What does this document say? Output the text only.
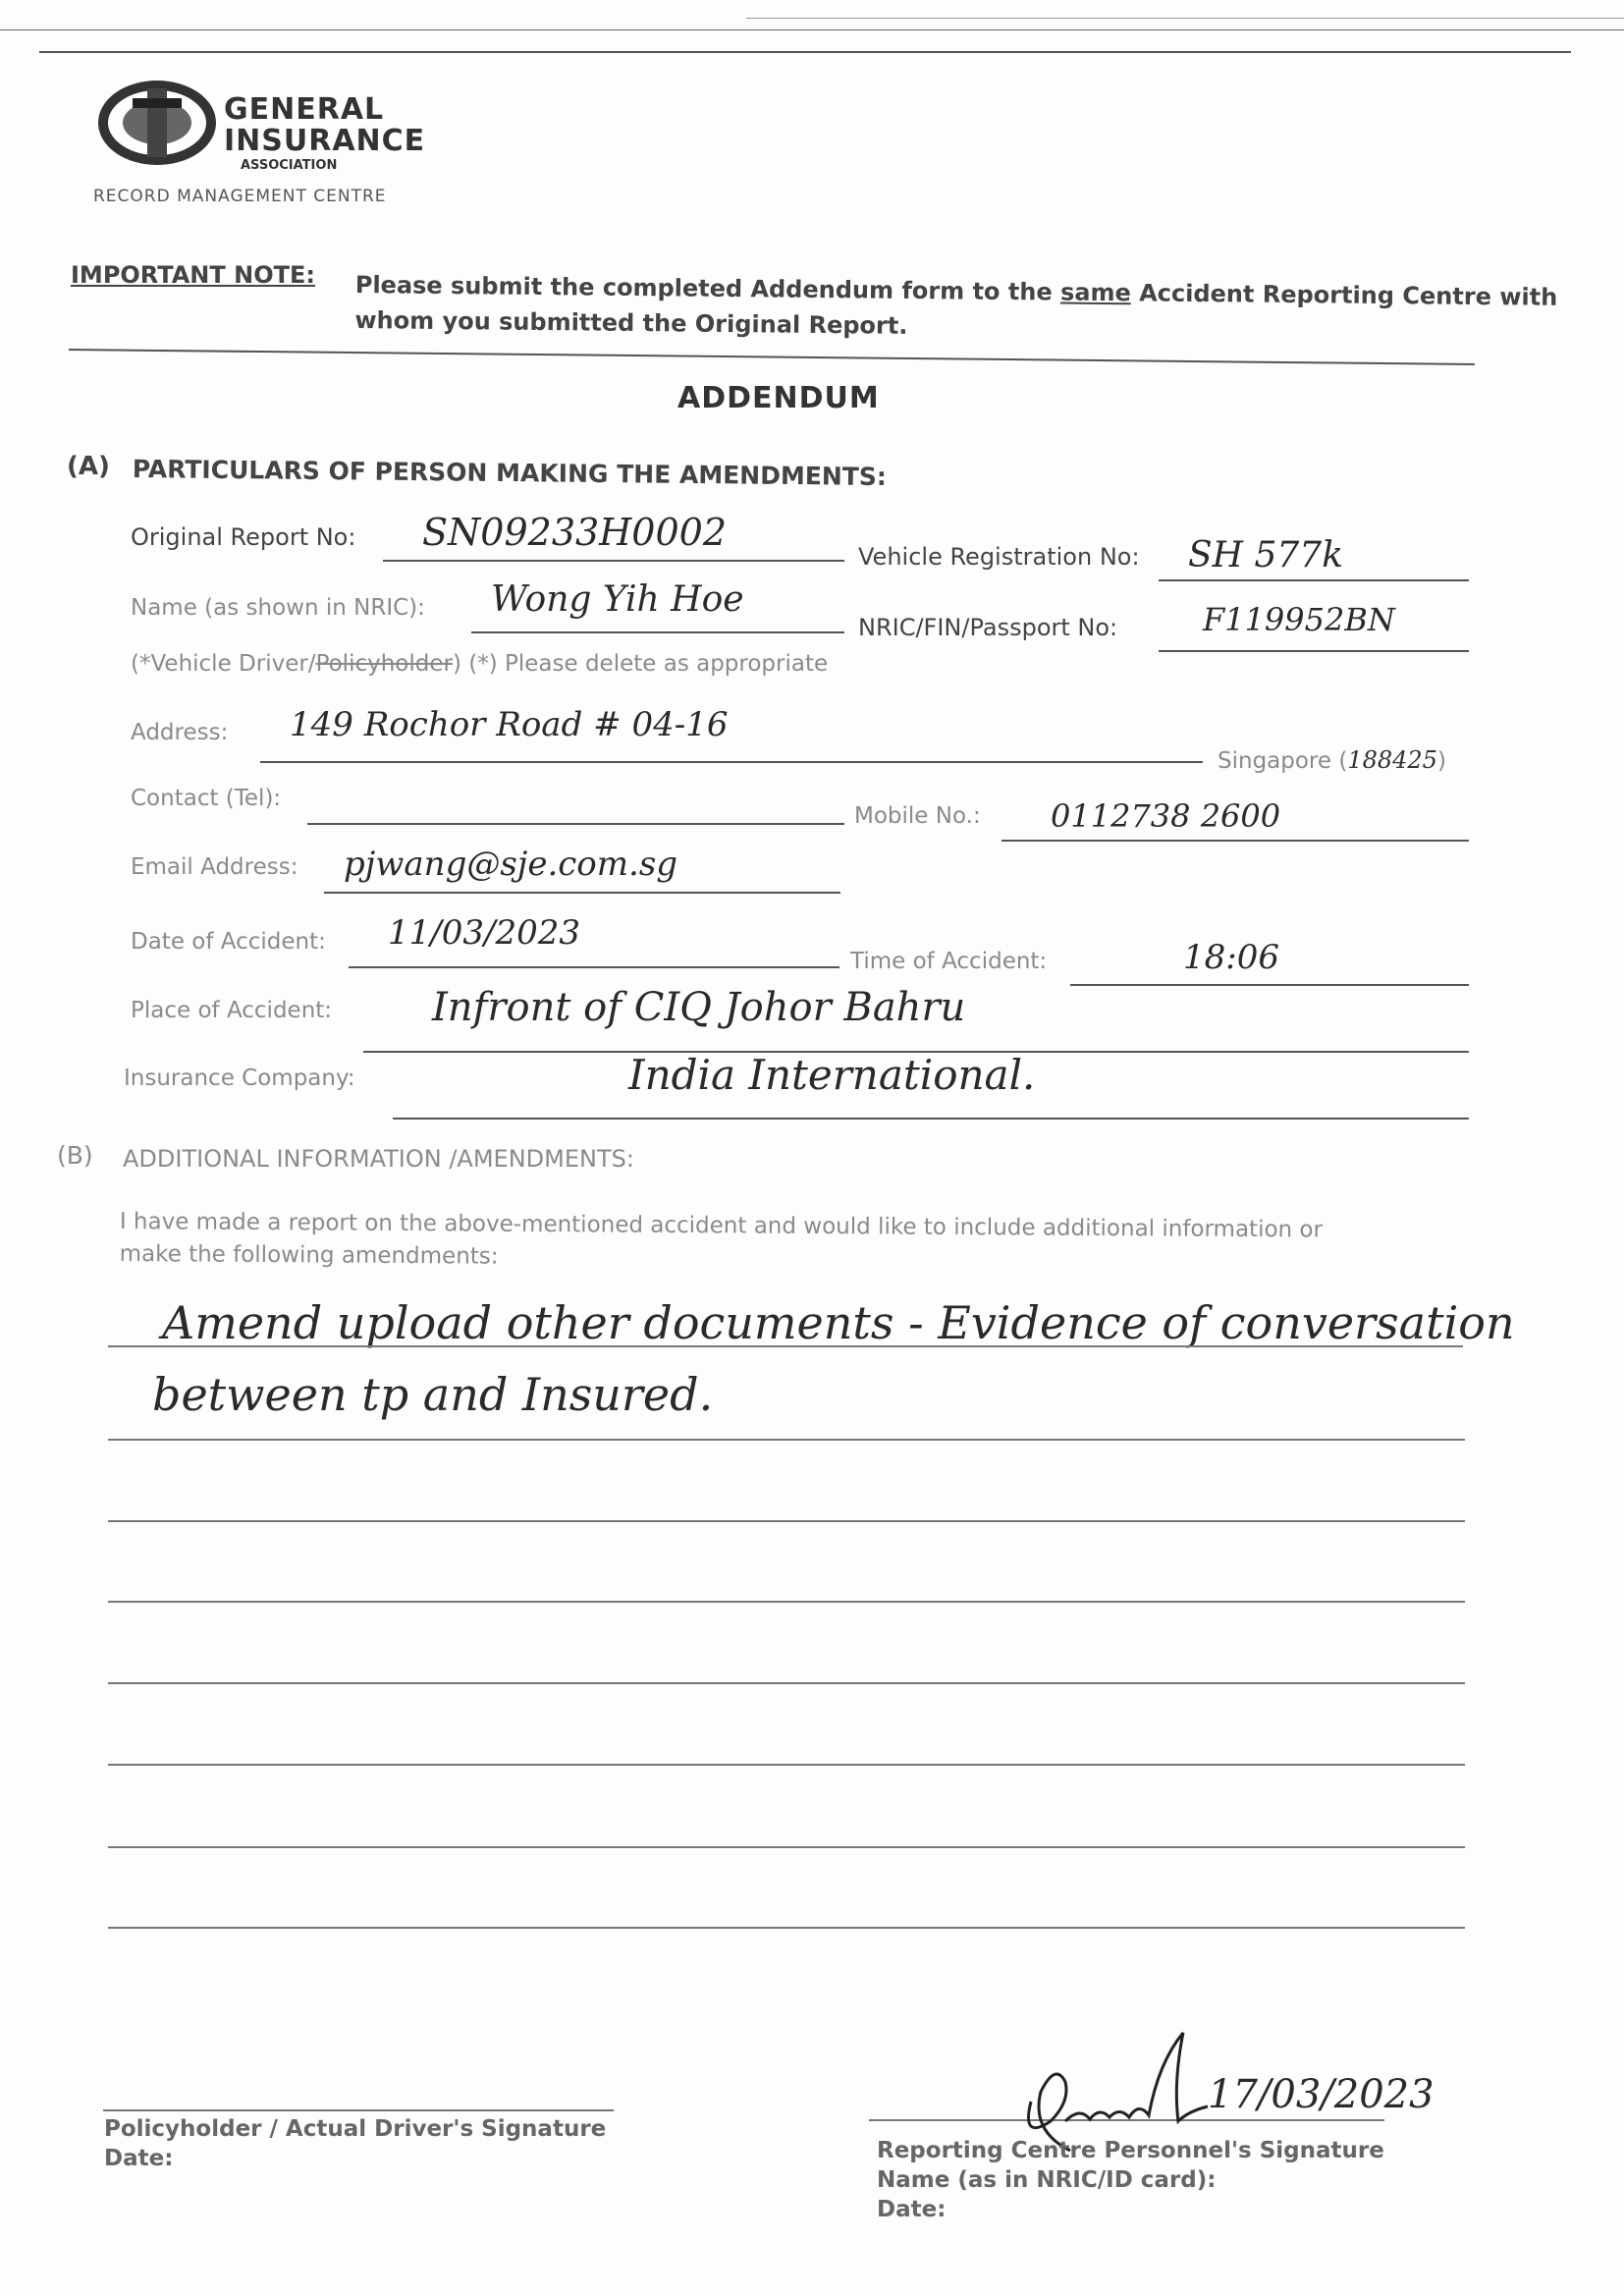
GENERAL
INSURANCE
ASSOCIATION
RECORD MANAGEMENT CENTRE
IMPORTANT NOTE: Please submit the completed Addendum form to the same Accident Reporting Centre with
whom you submitted the Original Report.
ADDENDUM
(A) PARTICULARS OF PERSON MAKING THE AMENDMENTS:
Original Report No: SN09233H0002
Vehicle Registration No: SH 577k
Name (as shown in NRIC): Wong Yih Hoe
NRIC/FIN/Passport No:	F119952BN
(*Vehicle Driver/Policyholder) (*) Please delete as appropriate
Address: 149 Rochor Road # 04-16
Singapore (188425)
Contact (Tel):
Mobile No.: 0112738 2600
Email Address: pjwang@sje.com.sg
Date of Accident: 11/03/2023
Time of Accident:	18:06
Place of Accident:	Infront of CIQ Johor Bahru
Insurance Company:	India International.
(B) ADDITIONAL INFORMATION /AMENDMENTS:
I have made a report on the above-mentioned accident and would like to include additional information or
make the following amendments:
Amend upload other documents - Evidence of conversation
between tp and Insured.
Policyholder / Actual Driver's Signature
Date:
17/03/2023
Reporting Centre Personnel's Signature
Name (as in NRIC/ID card):
Date:
